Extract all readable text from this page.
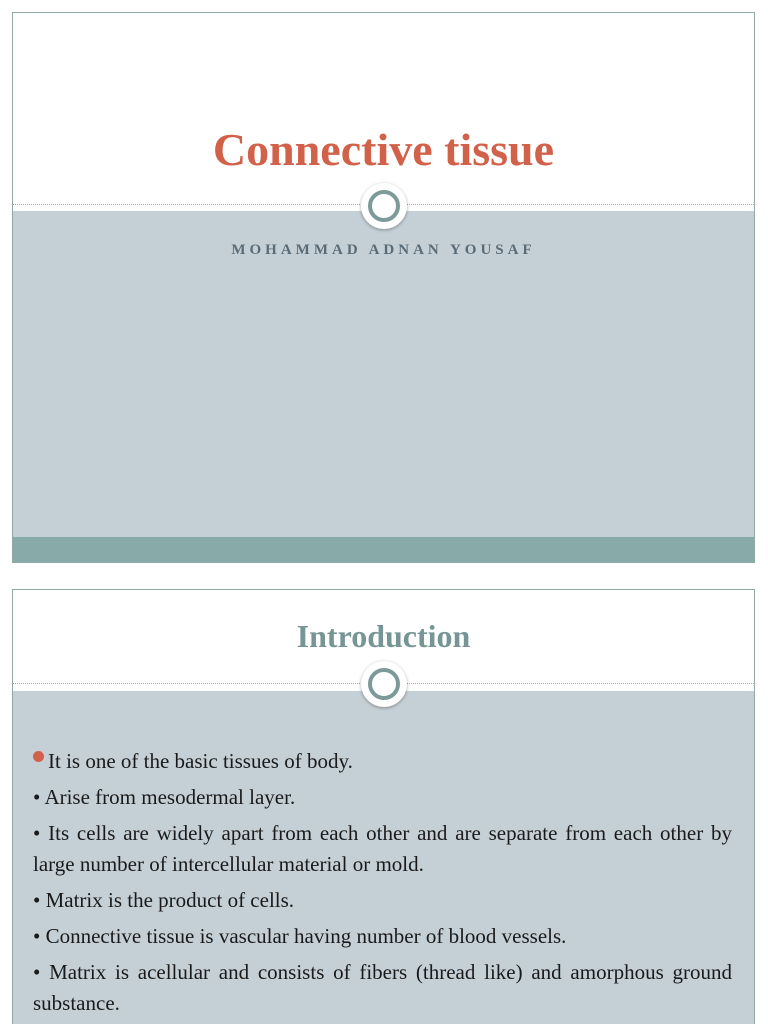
Connective tissue
MOHAMMAD ADNAN YOUSAF
Introduction
It is one of the basic tissues of body.
• Arise from mesodermal layer.
• Its cells are widely apart from each other and are separate from each other by large number of intercellular material or mold.
• Matrix is the product of cells.
• Connective tissue is vascular having number of blood vessels.
• Matrix is acellular and consists of fibers (thread like) and amorphous ground substance.
